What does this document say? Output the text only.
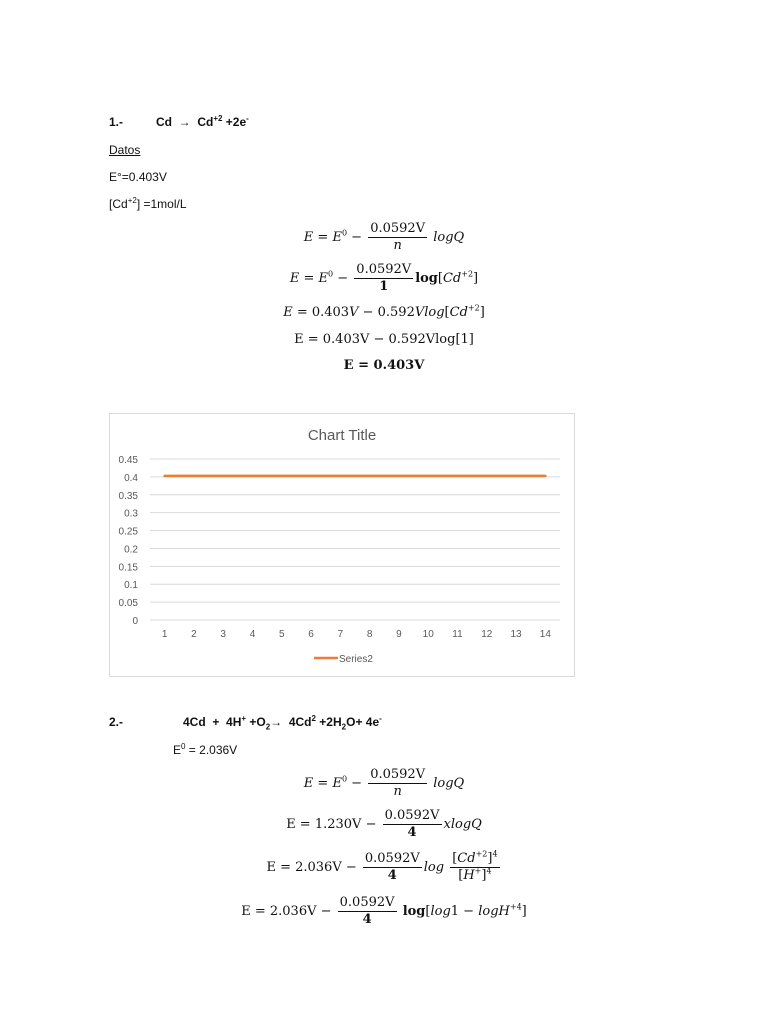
1.-	$Cd \to Cd^{+2} +2e^-$
Datos
E°=0.403V
$[Cd^{+2}] =1mol/L$
$E = E^0 - \frac{0.0592V}{n}$ logQ
$E = E^0 - \frac{0.0592V}{1} \log[Cd^{+2}]$
$E = 0.403V - 0.592Vlog[Cd^{+2}]$
E = 0.403V − 0.592Vlog[1]
E = 0.403V
Chart Title
0
0.05
0.1
0.15
0.2
0.25
0.3
0.35
0.4
0.45
1 2 3 4 5 6 7 8 9 10 11 12 13 14
Series2
2.-	$4Cd + 4H^+ +O_2\to 4Cd^2 +2H_2O+ 4e^-$
$E^0 = 2.036V$
$E = E^0 - \frac{0.0592V}{n}$ logQ
$E = 1.230V - \frac{0.0592V}{4}$ xlogQ
$E = 2.036V - \frac{0.0592V}{4}$ $\log \frac{[Cd^{+2}]^4}{[H^+]^4}$
$E = 2.036V - \frac{0.0592V}{4} \log[\log 1 - \log H^{+4}]$
